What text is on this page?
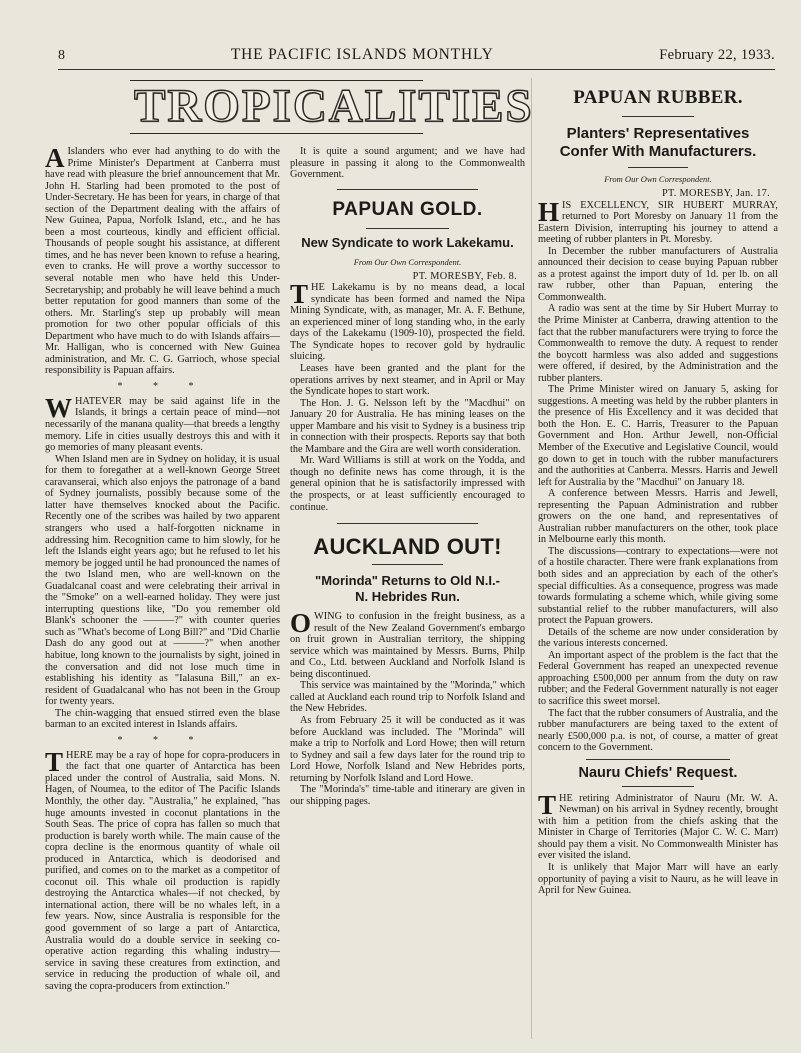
8	THE PACIFIC ISLANDS MONTHLY	February 22, 1933.
TROPICALITIES

A Islanders who ever had anything to do with the Prime Minister's Department at Canberra must have read with pleasure the brief announcement that Mr. John H. Starling had been promoted to the post of Under-Secretary. He has been for years, in charge of that section of the Department dealing with the affairs of New Guinea, Papua, Norfolk Island, etc., and he has been a most courteous, kindly and efficient official. Thousands of people sought his assistance, at different times, and he has never been known to refuse a hearing, even to cranks. He will prove a worthy successor to several notable men who have held this Under-Secretaryship; and probably he will leave behind a much better reputation for good manners than some of the others. Mr. Starling's step up probably will mean promotion for two other popular officials of this Department who have much to do with Islands affairs—Mr. Halligan, who is concerned with New Guinea administration, and Mr. C. G. Garrioch, whose special responsibility is Papuan affairs.

* * *

WHATEVER may be said against life in the Islands, it brings a certain peace of mind—not necessarily of the manana quality—that breeds a lengthy memory. Life in cities usually destroys this and with it go memories of many pleasant events.

When Island men are in Sydney on holiday, it is usual for them to foregather at a well-known George Street caravanserai, which also enjoys the patronage of a band of Sydney journalists, possibly because some of the latter have themselves knocked about the Pacific. Recently one of the scribes was hailed by two apparent strangers who used a half-forgotten nickname in addressing him. Recognition came to him slowly, for he left the Islands eight years ago; but he refused to let his memory be jogged until he had pronounced the names of the two Island men, who are well-known on the Guadalcanal coast and were celebrating their arrival in the "Smoke" on a well-earned holiday. They were just interrupting questions like, "Do you remember old Blank's schooner the ———?" with counter queries such as "What's become of Long Bill?" and "Did Charlie Dash do any good out at ———?" when another habitue, long known to the journalists by sight, joined in the conversation and did not lose much time in establishing his identity as "Ialasuna Bill," an ex-resident of Guadalcanal who has not been in the Group for twenty years.

The chin-wagging that ensued stirred even the blase barman to an excited interest in Islands affairs.

* * *

THERE may be a ray of hope for copra-producers in the fact that one quarter of Antarctica has been placed under the control of Australia, said Mons. N. Hagen, of Noumea, to the editor of The Pacific Islands Monthly, the other day. "Australia," he explained, "has huge amounts invested in coconut plantations in the South Seas. The price of copra has fallen so much that production is barely worth while. The main cause of the copra decline is the enormous quantity of whale oil produced in Antarctica, which is deodorised and purified, and comes on to the market as a competitor of coconut oil. This whale oil production is rapidly destroying the Antarctica whales—if not checked, by international action, there will be no whales left, in a few years. Now, since Australia is responsible for the good government of so large a part of Antarctica, Australia would do a double service in seeking co-operative action regarding this whaling industry—service in saving these creatures from extinction, and service in reducing the production of whale oil, and saving the copra-producers from extinction."

It is quite a sound argument; and we have had pleasure in passing it along to the Commonwealth Government.

PAPUAN GOLD.
New Syndicate to work Lakekamu.
From Our Own Correspondent.
PT. MORESBY, Feb. 8.

THE Lakekamu is by no means dead, a local syndicate has been formed and named the Nipa Mining Syndicate, with, as manager, Mr. A. F. Bethune, an experienced miner of long standing who, in the early days of the Lakekamu (1909-10), prospected the field. The Syndicate hopes to recover gold by hydraulic sluicing.

Leases have been granted and the plant for the operations arrives by next steamer, and in April or May the Syndicate hopes to start work.

The Hon. J. G. Nelsson left by the "Macdhui" on January 20 for Australia. He has mining leases on the upper Mambare and his visit to Sydney is a business trip in connection with their prospects. Reports say that both the Mambare and the Gira are well worth consideration.

Mr. Ward Williams is still at work on the Yodda, and though no definite news has come through, it is the general opinion that he is satisfactorily impressed with the prospects, or at least sufficiently encouraged to continue.

AUCKLAND OUT!
"Morinda" Returns to Old N.I.-
N. Hebrides Run.

OWING to confusion in the freight business, as a result of the New Zealand Government's embargo on fruit grown in Australian territory, the shipping service which was maintained by Messrs. Burns, Philp and Co., Ltd. between Auckland and Norfolk Island is being discontinued.

This service was maintained by the "Morinda," which called at Auckland each round trip to Norfolk Island and the New Hebrides.

As from February 25 it will be conducted as it was before Auckland was included. The "Morinda" will make a trip to Norfolk and Lord Howe; then will return to Sydney and sail a few days later for the round trip to Lord Howe, Norfolk Island and New Hebrides ports, returning by Norfolk Island and Lord Howe.

The "Morinda's" time-table and itinerary are given in our shipping pages.

PAPUAN RUBBER.
Planters' Representatives
Confer With Manufacturers.
From Our Own Correspondent.
PT. MORESBY, Jan. 17.

HIS EXCELLENCY, SIR HUBERT MURRAY, returned to Port Moresby on January 11 from the Eastern Division, interrupting his journey to attend a meeting of rubber planters in Pt. Moresby.

In December the rubber manufacturers of Australia announced their decision to cease buying Papuan rubber as a protest against the import duty of 1d. per lb. on all raw rubber, other than Papuan, entering the Commonwealth.

A radio was sent at the time by Sir Hubert Murray to the Prime Minister at Canberra, drawing attention to the fact that the rubber manufacturers were trying to force the Commonwealth to remove the duty. A request to render the boycott harmless was also added and suggestions were offered, if desired, by the Administration and the rubber planters.

The Prime Minister wired on January 5, asking for suggestions. A meeting was held by the rubber planters in the presence of His Excellency and it was decided that both the Hon. E. C. Harris, Treasurer to the Papuan Government and Hon. Arthur Jewell, non-Official Member of the Executive and Legislative Council, would go down to get in touch with the rubber manufacturers and the authorities at Canberra. Messrs. Harris and Jewell left for Australia by the "Macdhui" on January 18.

A conference between Messrs. Harris and Jewell, representing the Papuan Administration and rubber growers on the one hand, and representatives of Australian rubber manufacturers on the other, took place in Melbourne early this month.

The discussions—contrary to expectations—were not of a hostile character. There were frank explanations from both sides and an appreciation by each of the other's special difficulties. As a consequence, progress was made towards formulating a scheme which, while giving some substantial relief to the rubber manufacturers, will also protect the Papuan growers.

Details of the scheme are now under consideration by the various interests concerned.

An important aspect of the problem is the fact that the Federal Government has reaped an unexpected revenue approaching £500,000 per annum from the duty on raw rubber; and the Federal Government naturally is not eager to sacrifice this sweet morsel.

The fact that the rubber consumers of Australia, and the rubber manufacturers are being taxed to the extent of nearly £500,000 p.a. is not, of course, a matter of great concern to the Government.

Nauru Chiefs' Request.

THE retiring Administrator of Nauru (Mr. W. A. Newman) on his arrival in Sydney recently, brought with him a petition from the chiefs asking that the Minister in Charge of Territories (Major C. W. C. Marr) should pay them a visit. No Commonwealth Minister has ever visited the island.

It is unlikely that Major Marr will have an early opportunity of paying a visit to Nauru, as he will leave in April for New Guinea.
